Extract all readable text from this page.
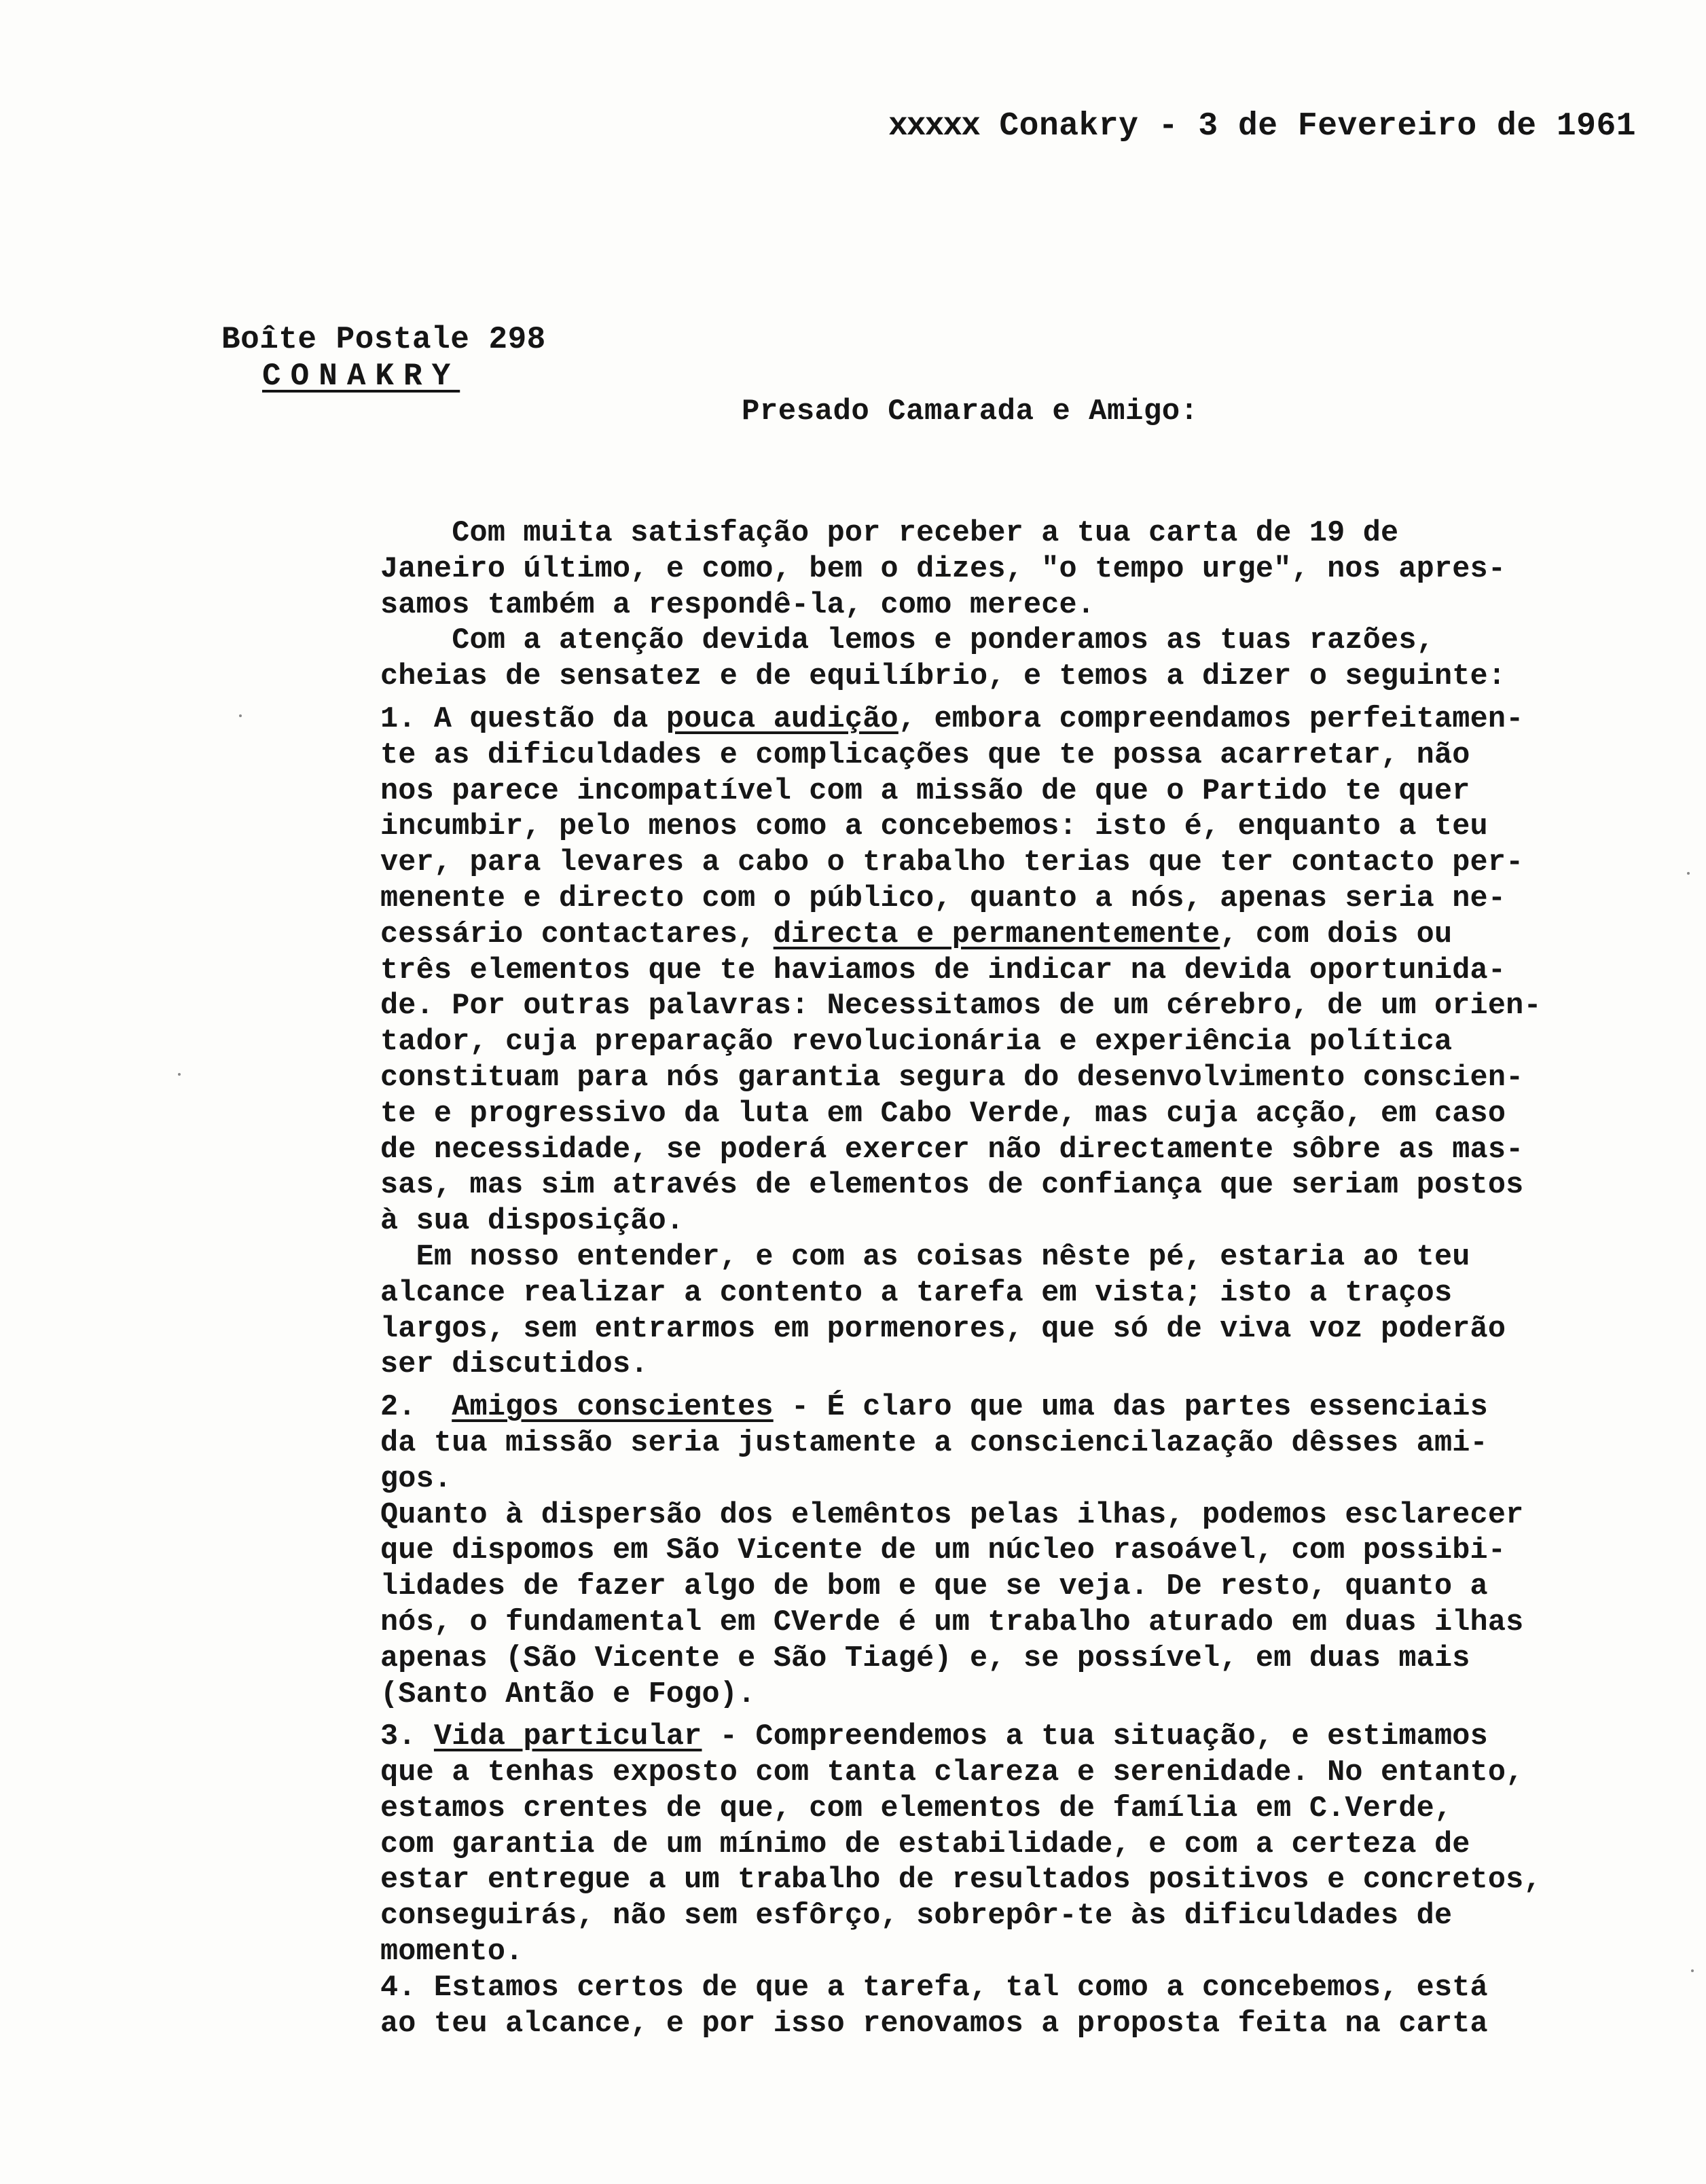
xxxxx Conakry - 3 de Fevereiro de 1961
Boîte Postale 298
CONAKRY
Presado Camarada e Amigo:
Com muita satisfação por receber a tua carta de 19 de
Janeiro último, e como, bem o dizes, "o tempo urge", nos apres-
samos também a respondê-la, como merece.
Com a atenção devida lemos e ponderamos as tuas razões,
cheias de sensatez e de equilíbrio, e temos a dizer o seguinte:
1. A questão da pouca audição, embora compreendamos perfeitamen-
te as dificuldades e complicações que te possa acarretar, não
nos parece incompatível com a missão de que o Partido te quer
incumbir, pelo menos como a concebemos: isto é, enquanto a teu
ver, para levares a cabo o trabalho terias que ter contacto per-
menente e directo com o público, quanto a nós, apenas seria ne-
cessário contactares, directa e permanentemente, com dois ou
três elementos que te haviamos de indicar na devida oportunida-
de. Por outras palavras: Necessitamos de um cérebro, de um orien-
tador, cuja preparação revolucionária e experiência política
constituam para nós garantia segura do desenvolvimento conscien-
te e progressivo da luta em Cabo Verde, mas cuja acção, em caso
de necessidade, se poderá exercer não directamente sôbre as mas-
sas, mas sim através de elementos de confiança que seriam postos
à sua disposição.
Em nosso entender, e com as coisas nêste pé, estaria ao teu
alcance realizar a contento a tarefa em vista; isto a traços
largos, sem entrarmos em pormenores, que só de viva voz poderão
ser discutidos.
2.  Amigos conscientes - É claro que uma das partes essenciais
da tua missão seria justamente a consciencilazação dêsses ami-
gos.
Quanto à dispersão dos elemêntos pelas ilhas, podemos esclarecer
que dispomos em São Vicente de um núcleo rasoável, com possibi-
lidades de fazer algo de bom e que se veja. De resto, quanto a
nós, o fundamental em CVerde é um trabalho aturado em duas ilhas
apenas (São Vicente e São Tiagé) e, se possível, em duas mais
(Santo Antão e Fogo).
3. Vida particular - Compreendemos a tua situação, e estimamos
que a tenhas exposto com tanta clareza e serenidade. No entanto,
estamos crentes de que, com elementos de família em C.Verde,
com garantia de um mínimo de estabilidade, e com a certeza de
estar entregue a um trabalho de resultados positivos e concretos,
conseguirás, não sem esfôrço, sobrepôr-te às dificuldades de
momento.
4. Estamos certos de que a tarefa, tal como a concebemos, está
ao teu alcance, e por isso renovamos a proposta feita na carta
